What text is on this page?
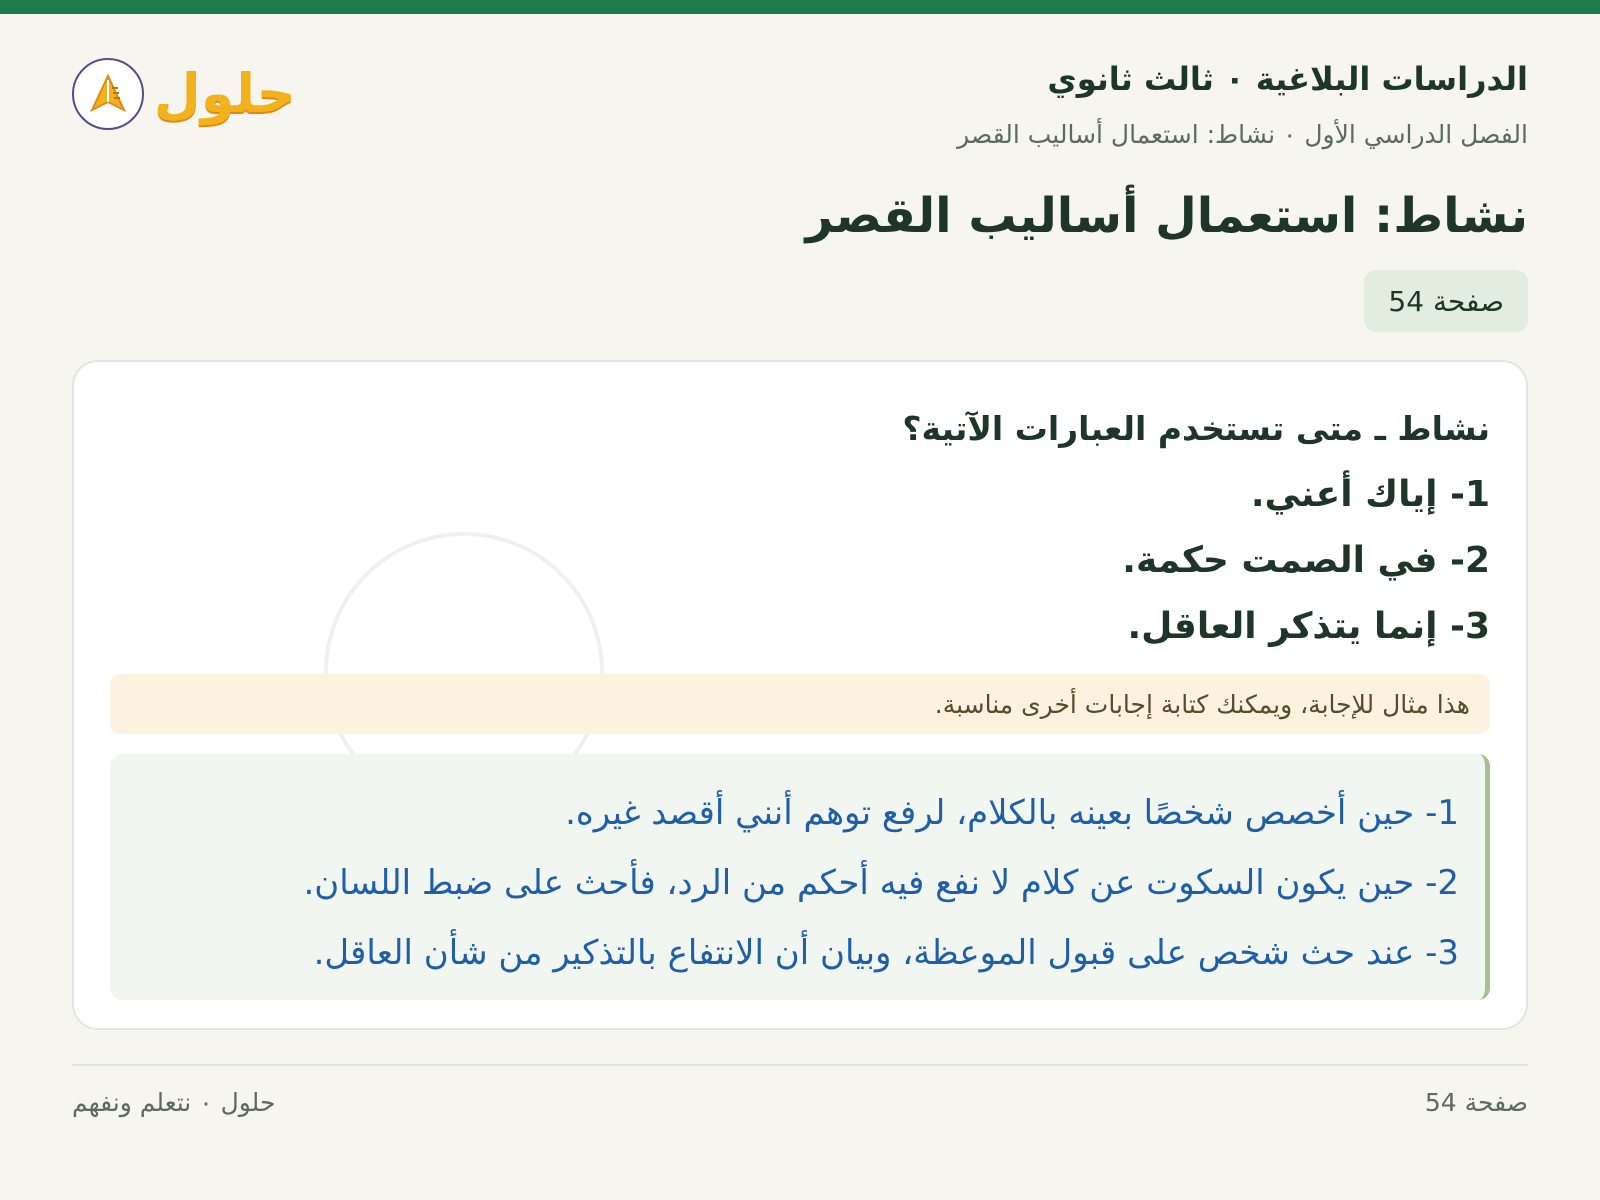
حلول	الدراسات البلاغية ٠ ثالث ثانوي
الفصل الدراسي الأول ٠ نشاط: استعمال أساليب القصر
نشاط: استعمال أساليب القصر
صفحة 54
نشاط ـ متى تستخدم العبارات الآتية؟
1- إياك أعني.
2- في الصمت حكمة.
3- إنما يتذكر العاقل.
هذا مثال للإجابة، ويمكنك كتابة إجابات أخرى مناسبة.
1- حين أخصص شخصًا بعينه بالكلام، لرفع توهم أنني أقصد غيره.
2- حين يكون السكوت عن كلام لا نفع فيه أحكم من الرد، فأحث على ضبط اللسان.
3- عند حث شخص على قبول الموعظة، وبيان أن الانتفاع بالتذكير من شأن العاقل.
حلول ٠ نتعلم ونفهم	صفحة 54
